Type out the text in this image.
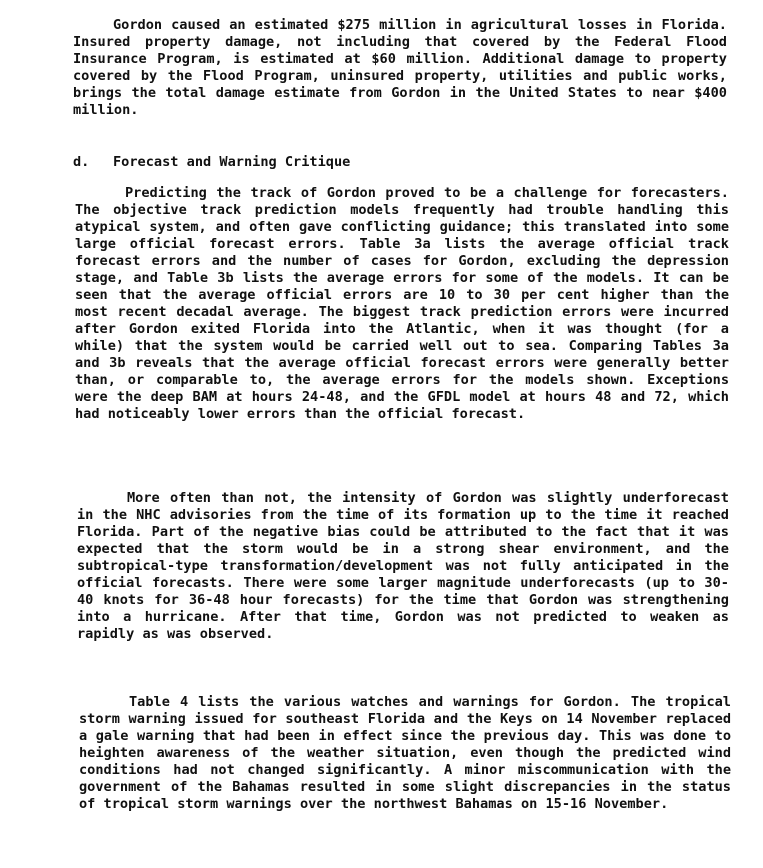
Gordon caused an estimated $275 million in agricultural losses in Florida. Insured property damage, not including that covered by the Federal Flood Insurance Program, is estimated at $60 million. Additional damage to property covered by the Flood Program, uninsured property, utilities and public works, brings the total damage estimate from Gordon in the United States to near $400 million.

d. Forecast and Warning Critique

Predicting the track of Gordon proved to be a challenge for forecasters. The objective track prediction models frequently had trouble handling this atypical system, and often gave conflicting guidance; this translated into some large official forecast errors. Table 3a lists the average official track forecast errors and the number of cases for Gordon, excluding the depression stage, and Table 3b lists the average errors for some of the models. It can be seen that the average official errors are 10 to 30 per cent higher than the most recent decadal average. The biggest track prediction errors were incurred after Gordon exited Florida into the Atlantic, when it was thought (for a while) that the system would be carried well out to sea. Comparing Tables 3a and 3b reveals that the average official forecast errors were generally better than, or comparable to, the average errors for the models shown. Exceptions were the deep BAM at hours 24-48, and the GFDL model at hours 48 and 72, which had noticeably lower errors than the official forecast.

More often than not, the intensity of Gordon was slightly underforecast in the NHC advisories from the time of its formation up to the time it reached Florida. Part of the negative bias could be attributed to the fact that it was expected that the storm would be in a strong shear environment, and the subtropical-type transformation/development was not fully anticipated in the official forecasts. There were some larger magnitude underforecasts (up to 30-40 knots for 36-48 hour forecasts) for the time that Gordon was strengthening into a hurricane. After that time, Gordon was not predicted to weaken as rapidly as was observed.

Table 4 lists the various watches and warnings for Gordon. The tropical storm warning issued for southeast Florida and the Keys on 14 November replaced a gale warning that had been in effect since the previous day. This was done to heighten awareness of the weather situation, even though the predicted wind conditions had not changed significantly. A minor miscommunication with the government of the Bahamas resulted in some slight discrepancies in the status of tropical storm warnings over the northwest Bahamas on 15-16 November.
